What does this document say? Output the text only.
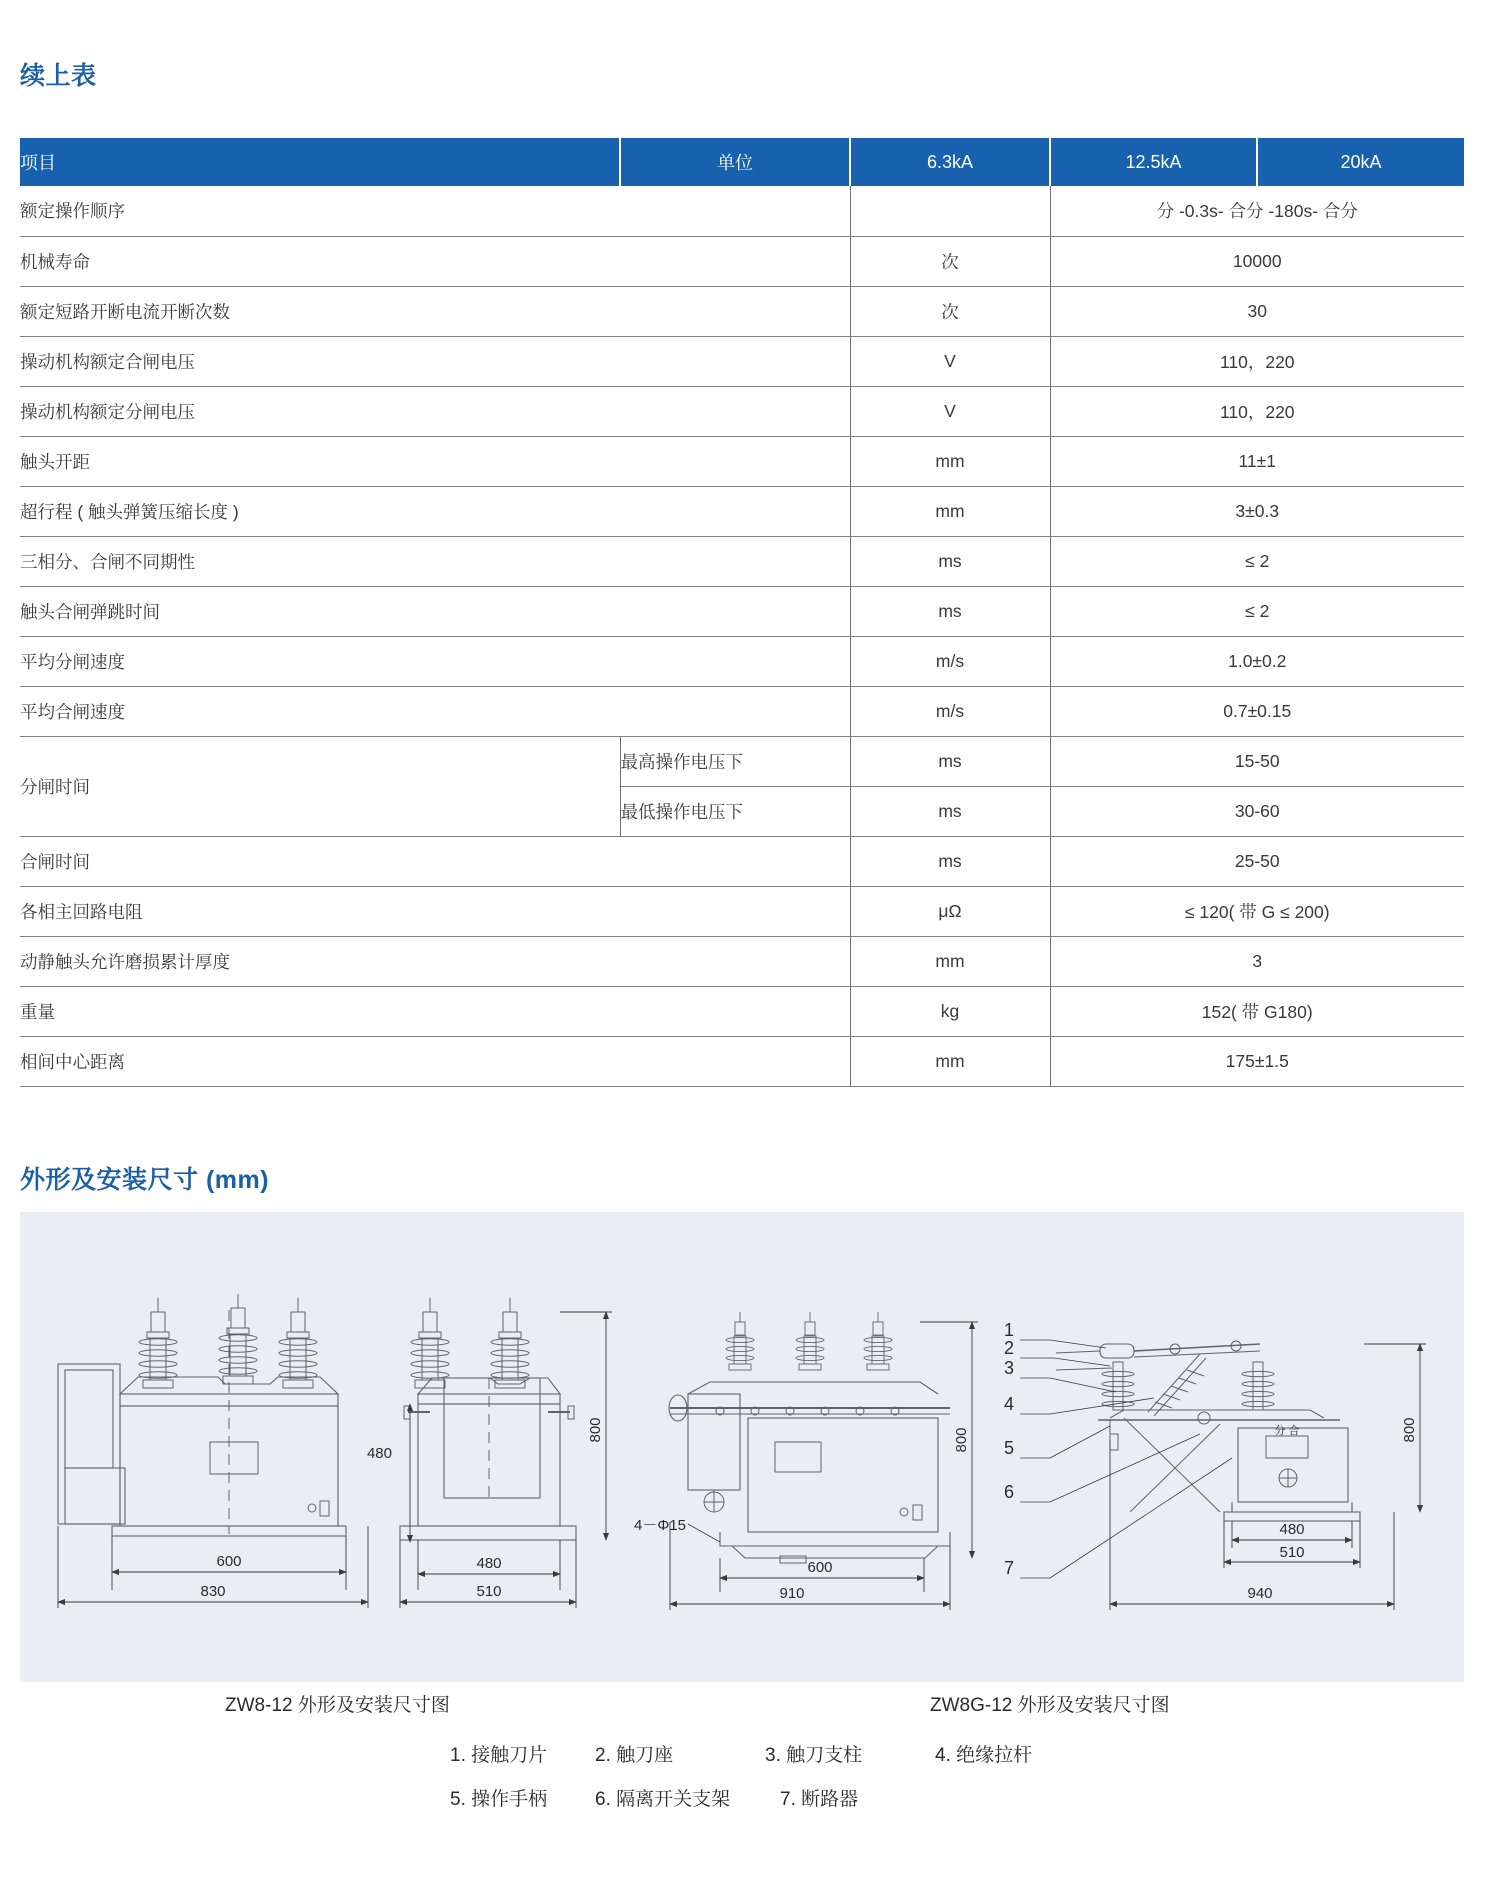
续上表
项目	单位	6.3kA	12.5kA	20kA
额定操作顺序			分 -0.3s- 合分 -180s- 合分	
机械寿命		次	10000	
额定短路开断电流开断次数		次	30	
操动机构额定合闸电压		V	110，220	
操动机构额定分闸电压		V	110，220	
触头开距		mm	11±1	
超行程 ( 触头弹簧压缩长度 )		mm	3±0.3	
三相分、合闸不同期性		ms	≤ 2	
触头合闸弹跳时间		ms	≤ 2	
平均分闸速度		m/s	1.0±0.2	
平均合闸速度		m/s	0.7±0.15	
分闸时间	最高操作电压下	ms	15-50	
	最低操作电压下	ms	30-60	
合闸时间		ms	25-50	
各相主回路电阻		μΩ	≤ 120( 带 G ≤ 200)	
动静触头允许磨损累计厚度		mm	3	
重量		kg	152( 带 G180)	
相间中心距离		mm	175±1.5	
外形及安装尺寸 (mm)
600
830
480
480
510
800
4－Φ15
600
910
800	分 合
1
2
3
4
5
6
7
480
510
940
800
ZW8-12 外形及安装尺寸图	ZW8G-12 外形及安装尺寸图
1. 接触刀片	2. 触刀座	3. 触刀支柱	4. 绝缘拉杆
5. 操作手柄	6. 隔离开关支架	7. 断路器
